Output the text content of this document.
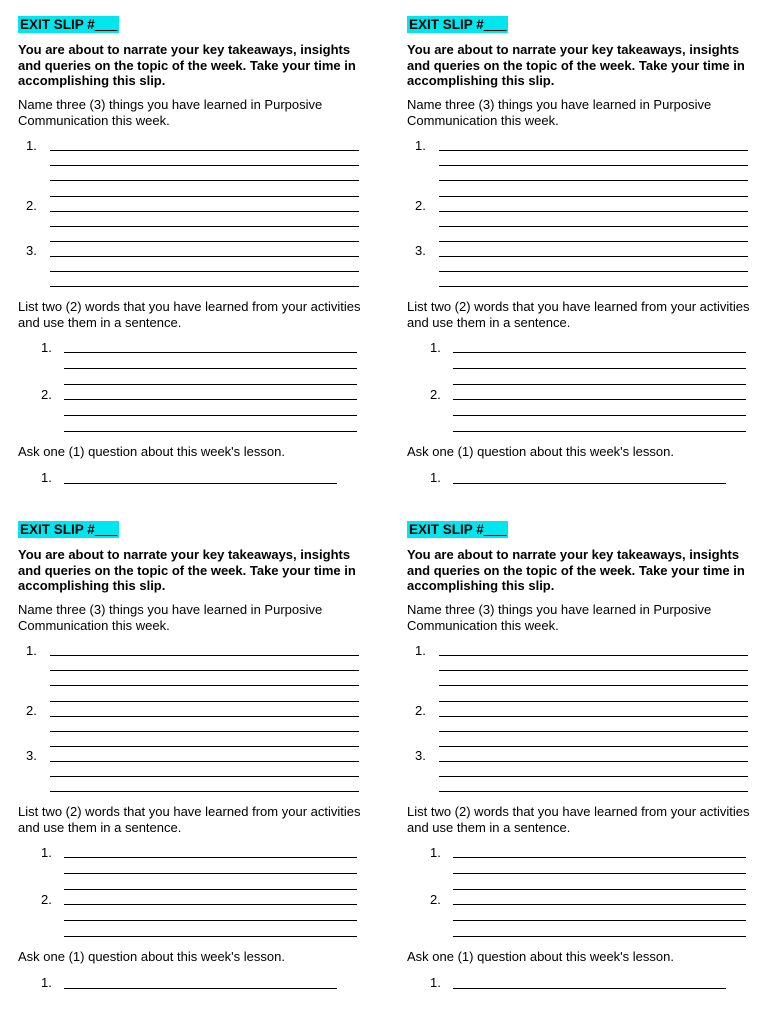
EXIT SLIP #___
You are about to narrate your key takeaways, insights and queries on the topic of the week. Take your time in accomplishing this slip.
Name three (3) things you have learned in Purposive Communication this week.
1.
2.
3.
List two (2) words that you have learned from your activities and use them in a sentence.
1.
2.
Ask one (1) question about this week's lesson.
1.
EXIT SLIP #___
You are about to narrate your key takeaways, insights and queries on the topic of the week. Take your time in accomplishing this slip.
Name three (3) things you have learned in Purposive Communication this week.
1.
2.
3.
List two (2) words that you have learned from your activities and use them in a sentence.
1.
2.
Ask one (1) question about this week's lesson.
1.
EXIT SLIP #___
You are about to narrate your key takeaways, insights and queries on the topic of the week. Take your time in accomplishing this slip.
Name three (3) things you have learned in Purposive Communication this week.
1.
2.
3.
List two (2) words that you have learned from your activities and use them in a sentence.
1.
2.
Ask one (1) question about this week's lesson.
1.
EXIT SLIP #___
You are about to narrate your key takeaways, insights and queries on the topic of the week. Take your time in accomplishing this slip.
Name three (3) things you have learned in Purposive Communication this week.
1.
2.
3.
List two (2) words that you have learned from your activities and use them in a sentence.
1.
2.
Ask one (1) question about this week's lesson.
1.
